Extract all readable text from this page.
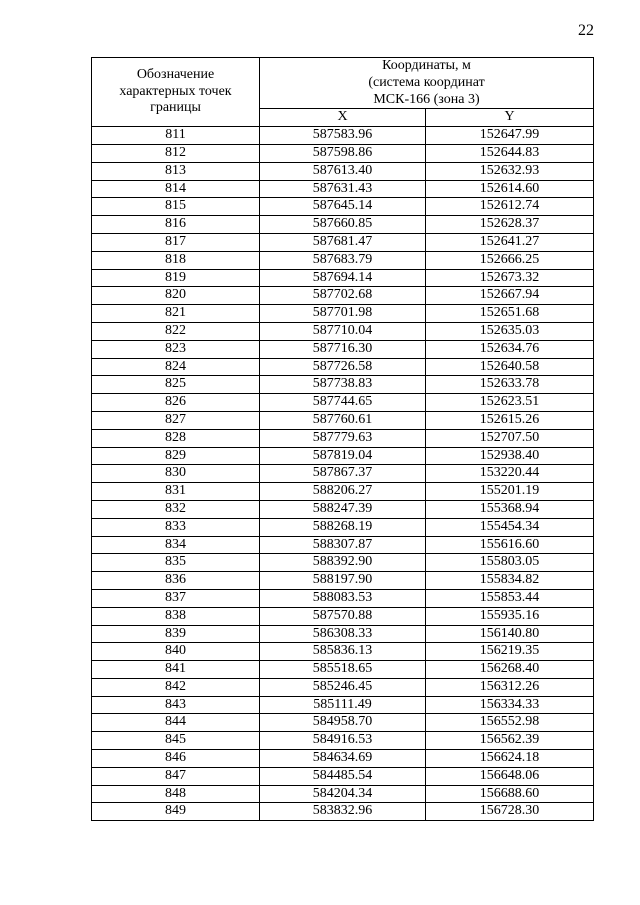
22
Обозначение характерных точек границы	Координаты, м
(система координат
МСК-166 (зона 3)	

	X	Y
811	587583.96	152647.99
812	587598.86	152644.83
813	587613.40	152632.93
814	587631.43	152614.60
815	587645.14	152612.74
816	587660.85	152628.37
817	587681.47	152641.27
818	587683.79	152666.25
819	587694.14	152673.32
820	587702.68	152667.94
821	587701.98	152651.68
822	587710.04	152635.03
823	587716.30	152634.76
824	587726.58	152640.58
825	587738.83	152633.78
826	587744.65	152623.51
827	587760.61	152615.26
828	587779.63	152707.50
829	587819.04	152938.40
830	587867.37	153220.44
831	588206.27	155201.19
832	588247.39	155368.94
833	588268.19	155454.34
834	588307.87	155616.60
835	588392.90	155803.05
836	588197.90	155834.82
837	588083.53	155853.44
838	587570.88	155935.16
839	586308.33	156140.80
840	585836.13	156219.35
841	585518.65	156268.40
842	585246.45	156312.26
843	585111.49	156334.33
844	584958.70	156552.98
845	584916.53	156562.39
846	584634.69	156624.18
847	584485.54	156648.06
848	584204.34	156688.60
849	583832.96	156728.30
